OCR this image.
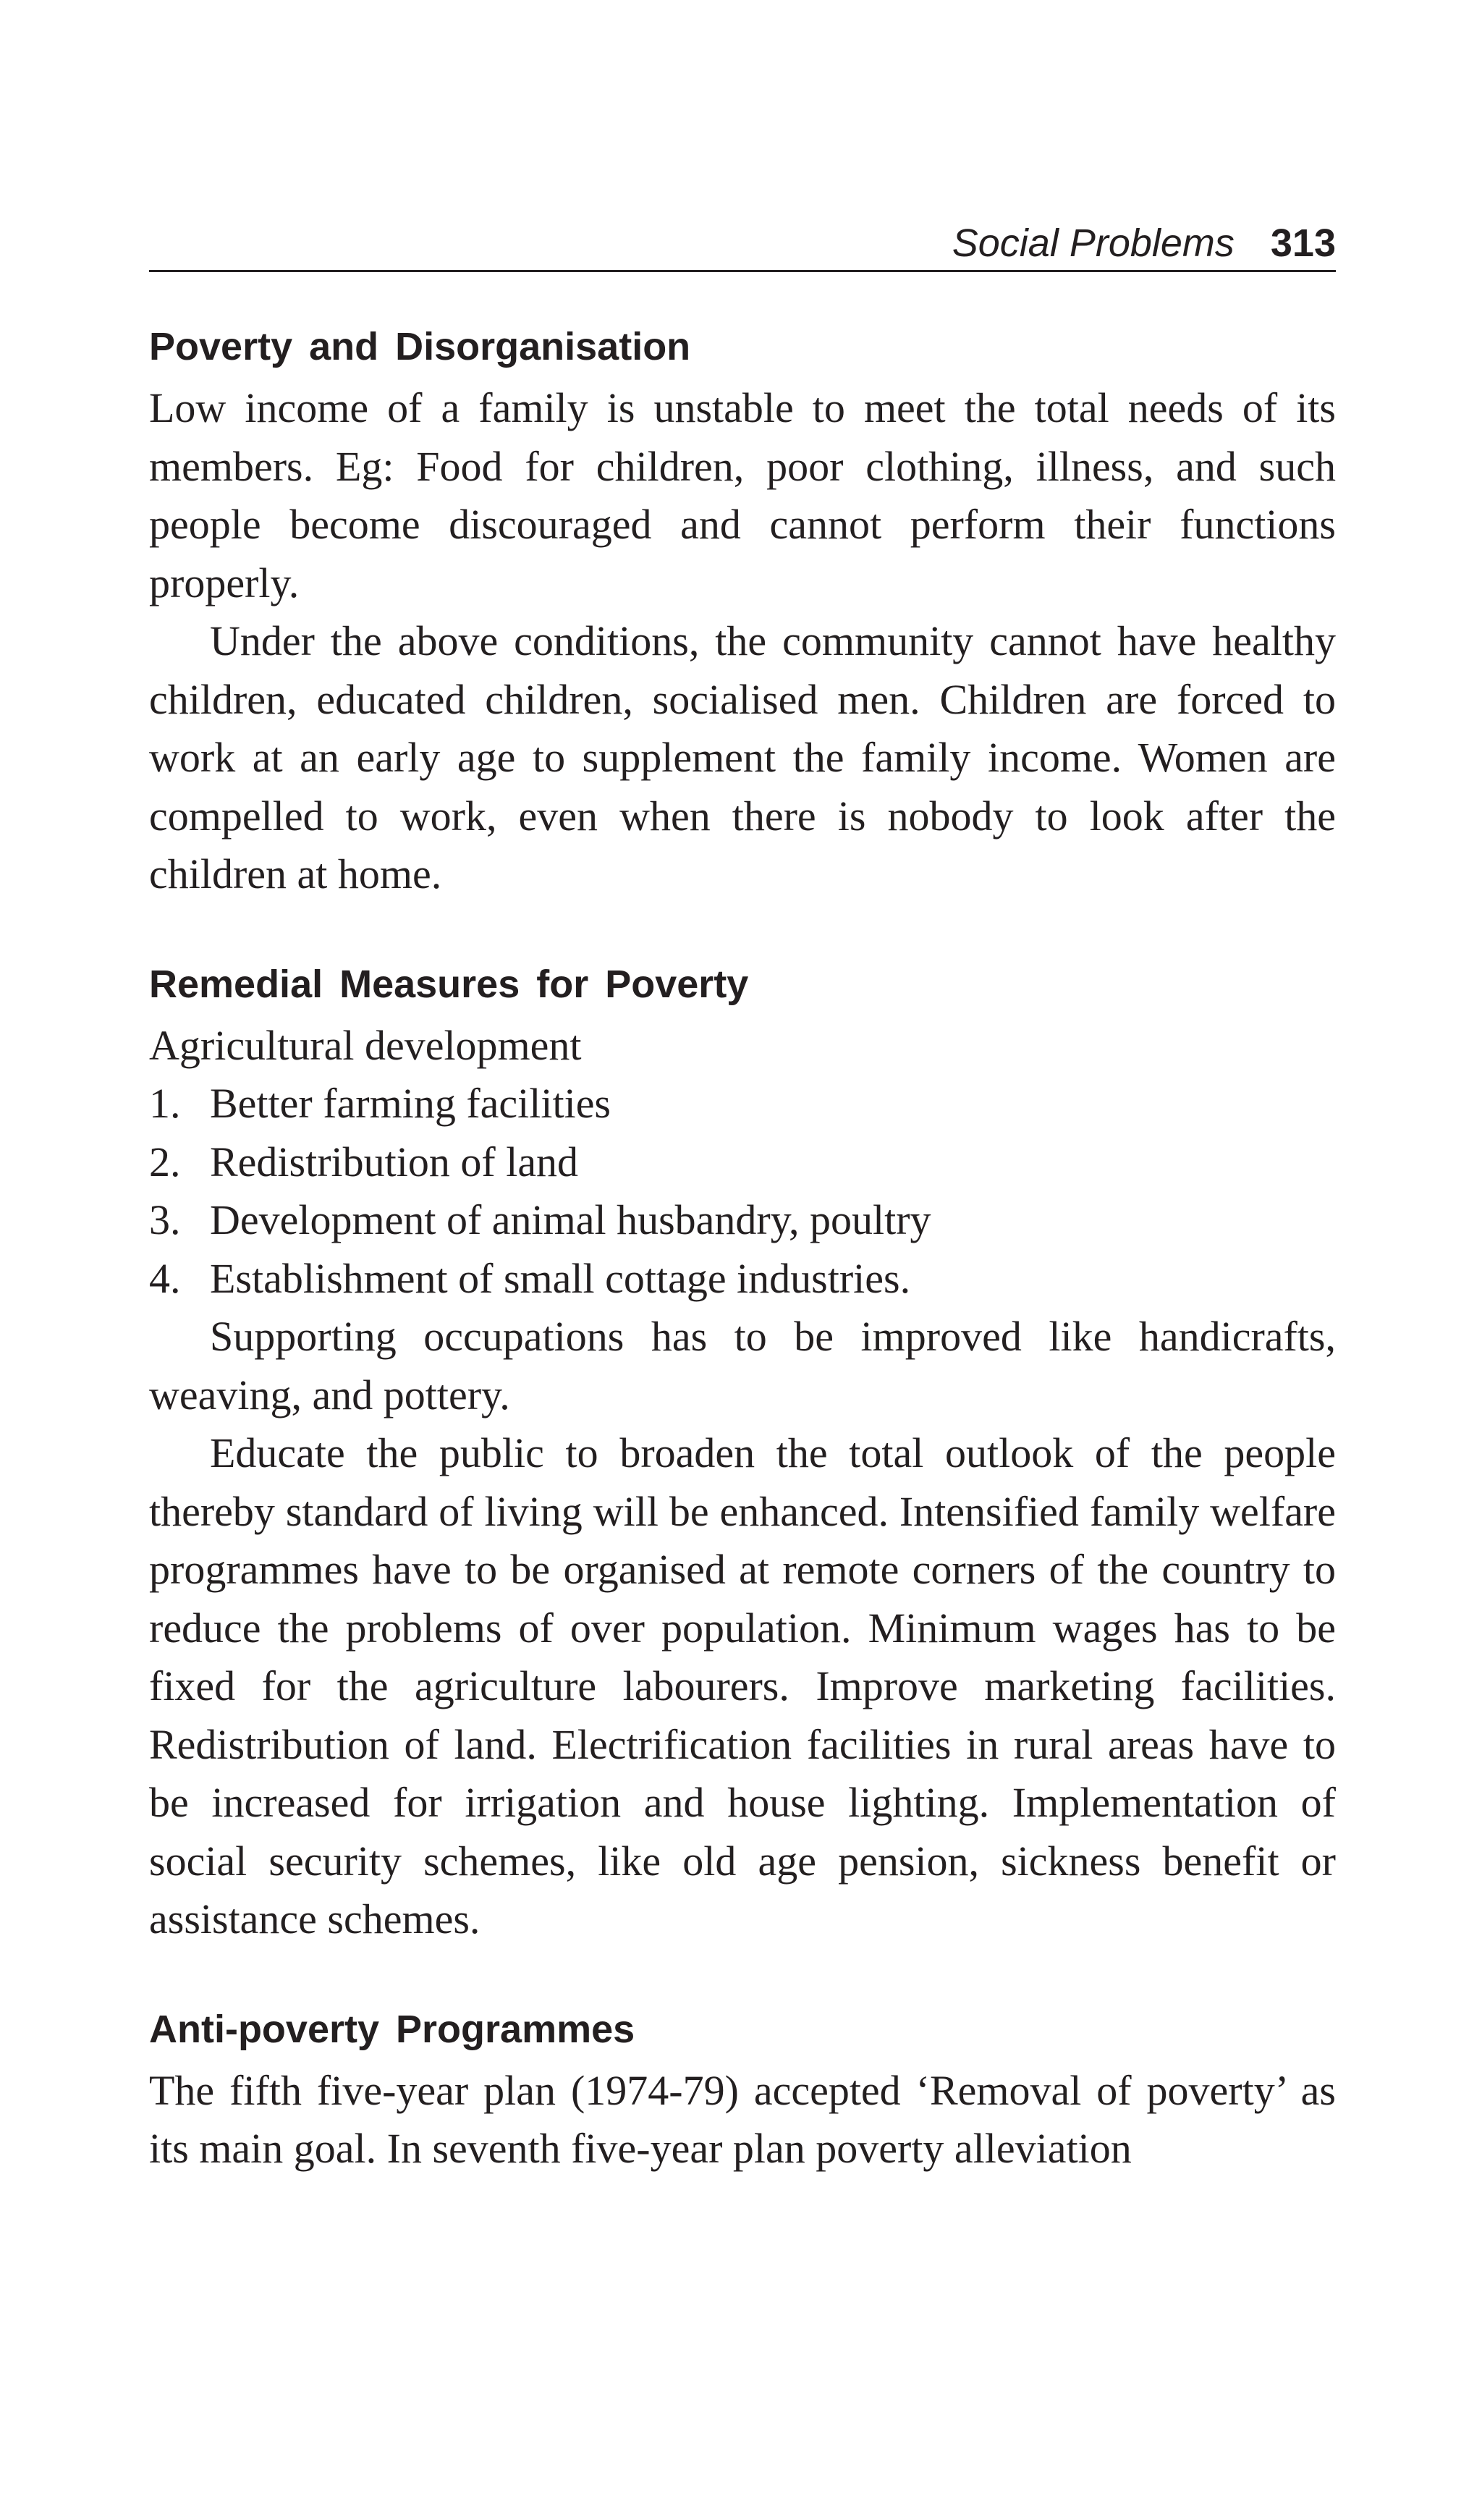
Social Problems 313
Poverty and Disorganisation

Low income of a family is unstable to meet the total needs of its members. Eg: Food for children, poor clothing, illness, and such people become discouraged and cannot perform their functions properly.

Under the above conditions, the community cannot have healthy children, educated children, socialised men. Children are forced to work at an early age to supplement the family income. Women are compelled to work, even when there is nobody to look after the children at home.

Remedial Measures for Poverty
Agricultural development
1. Better farming facilities
2. Redistribution of land
3. Development of animal husbandry, poultry
4. Establishment of small cottage industries.

Supporting occupations has to be improved like handicrafts, weaving, and pottery.

Educate the public to broaden the total outlook of the people thereby standard of living will be enhanced. Intensified family welfare programmes have to be organised at remote corners of the country to reduce the problems of over population. Minimum wages has to be fixed for the agriculture labourers. Improve marketing facilities. Redistribution of land. Electrification facilities in rural areas have to be increased for irrigation and house lighting. Implementation of social security schemes, like old age pension, sickness benefit or assistance schemes.

Anti-poverty Programmes

The fifth five-year plan (1974-79) accepted ‘Removal of poverty’ as its main goal. In seventh five-year plan poverty alleviation
